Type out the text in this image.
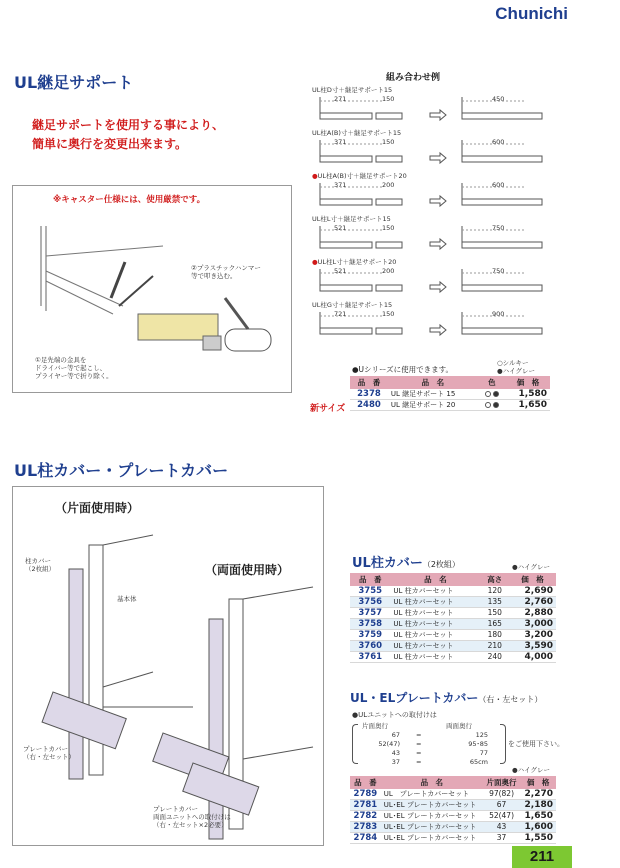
Chunichi
UL継足サポート
継足サポートを使用する事により、
簡単に奥行を変更出来ます。
※キャスター仕様には、使用厳禁です。
②プラスチックハンマー
等で叩き込む。
①足先端の金具を
ドライバー等で起こし、
プライヤー等で折り除く。
組み合わせ例
UL柱D寸＋継足サポート15
271	150	450
UL柱A(B)寸＋継足サポート15
371	150	600
●UL柱A(B)寸＋継足サポート20
371	200	600
UL柱L寸＋継足サポート15
521	150	750
●UL柱L寸＋継足サポート20
521	200	750
UL柱G寸＋継足サポート15
721	150	900
●Uシリーズに使用できます。
○シルキー
●ハイグレー
新サイズ
品　番	品　名	色	価　格
2378	UL 継足サポート 15		1,580
2480	UL 継足サポート 20		1,650
UL柱カバー・プレートカバー
（片面使用時）
（両面使用時）
柱カバー
（2枚組）
基本体
プレートカバー
（右・左セット）
プレートカバー
両面ユニットへの取付けは
（右・左セット×2必要）
UL柱カバー（2枚組）	●ハイグレー
品　番	品　名	高さ	価　格
3755	UL 柱カバーセット	120	2,690
3756	UL 柱カバーセット	135	2,760
3757	UL 柱カバーセット	150	2,880
3758	UL 柱カバーセット	165	3,000
3759	UL 柱カバーセット	180	3,200
3760	UL 柱カバーセット	210	3,590
3761	UL 柱カバーセット	240	4,000
UL・ELプレートカバー（右・左セット）
●ULユニットへの取付けは
片面奥行	両面奥行
67 =	125
52(47) =	95･85
43 =	77
37 =	65cm
をご使用下さい。
●ハイグレー
品　番	品　名	片面奥行	価　格
2789	UL　プレートカバーセット	97(82)	2,270
2781	UL･EL プレートカバーセット	67	2,180
2782	UL･EL プレートカバーセット	52(47)	1,650
2783	UL･EL プレートカバーセット	43	1,600
2784	UL･EL プレートカバーセット	37	1,550
211
